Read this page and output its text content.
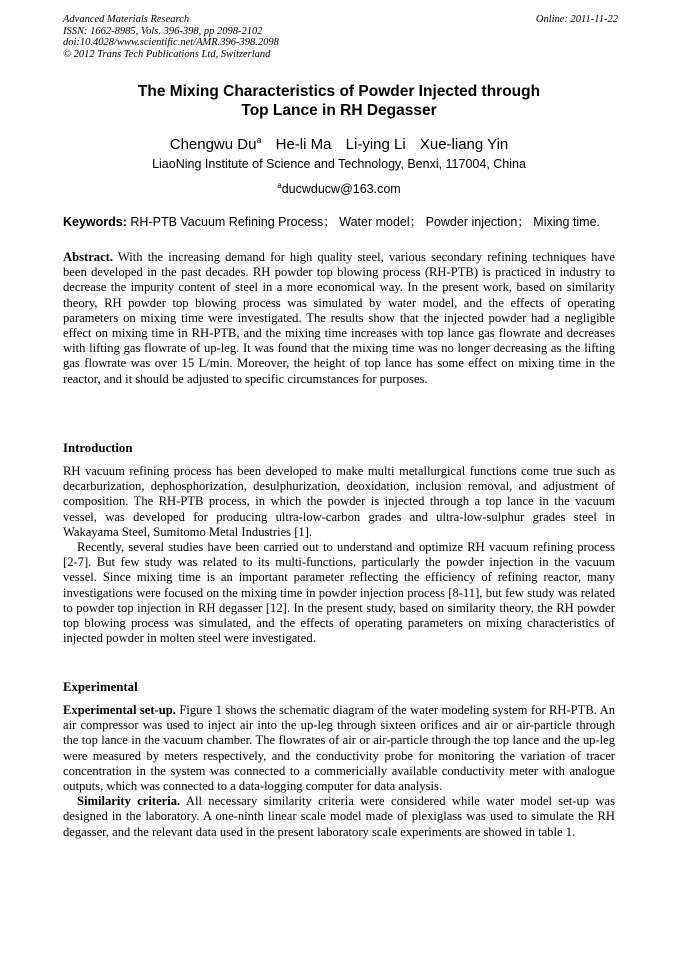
Advanced Materials Research
ISSN: 1662-8985, Vols. 396-398, pp 2098-2102
doi:10.4028/www.scientific.net/AMR.396-398.2098
© 2012 Trans Tech Publications Ltd, Switzerland
Online: 2011-11-22
The Mixing Characteristics of Powder Injected through
Top Lance in RH Degasser
Chengwu Du$^a$ He-li Ma Li-ying Li Xue-liang Yin
LiaoNing Institute of Science and Technology, Benxi, 117004, China
$^a$ducwducw@163.com
Keywords: RH-PTB Vacuum Refining Process； Water model； Powder injection； Mixing time.

Abstract. With the increasing demand for high quality steel, various secondary refining techniques have been developed in the past decades. RH powder top blowing process (RH-PTB) is practiced in industry to decrease the impurity content of steel in a more economical way. In the present work, based on similarity theory, RH powder top blowing process was simulated by water model, and the effects of operating parameters on mixing time were investigated. The results show that the injected powder had a negligible effect on mixing time in RH-PTB, and the mixing time increases with top lance gas flowrate and decreases with lifting gas flowrate of up-leg. It was found that the mixing time was no longer decreasing as the lifting gas flowrate was over 15 L/min. Moreover, the height of top lance has some effect on mixing time in the reactor, and it should be adjusted to specific circumstances for purposes.

Introduction

RH vacuum refining process has been developed to make multi metallurgical functions come true such as decarburization, dephosphorization, desulphurization, deoxidation, inclusion removal, and adjustment of composition. The RH-PTB process, in which the powder is injected through a top lance in the vacuum vessel, was developed for producing ultra-low-carbon grades and ultra-low-sulphur grades steel in Wakayama Steel, Sumitomo Metal Industries [1].

Recently, several studies have been carried out to understand and optimize RH vacuum refining process [2-7]. But few study was related to its multi-functions, particularly the powder injection in the vacuum vessel. Since mixing time is an important parameter reflecting the efficiency of refining reactor, many investigations were focused on the mixing time in powder injection process [8-11], but few study was related to powder top injection in RH degasser [12]. In the present study, based on similarity theory, the RH powder top blowing process was simulated, and the effects of operating parameters on mixing characteristics of injected powder in molten steel were investigated.

Experimental

Experimental set-up. Figure 1 shows the schematic diagram of the water modeling system for RH-PTB. An air compressor was used to inject air into the up-leg through sixteen orifices and air or air-particle through the top lance in the vacuum chamber. The flowrates of air or air-particle through the top lance and the up-leg were measured by meters respectively, and the conductivity probe for monitoring the variation of tracer concentration in the system was connected to a commericially available conductivity meter with analogue outputs, which was connected to a data-logging computer for data analysis.

Similarity criteria. All necessary similarity criteria were considered while water model set-up was designed in the laboratory. A one-ninth linear scale model made of plexiglass was used to simulate the RH degasser, and the relevant data used in the present laboratory scale experiments are showed in table 1.
